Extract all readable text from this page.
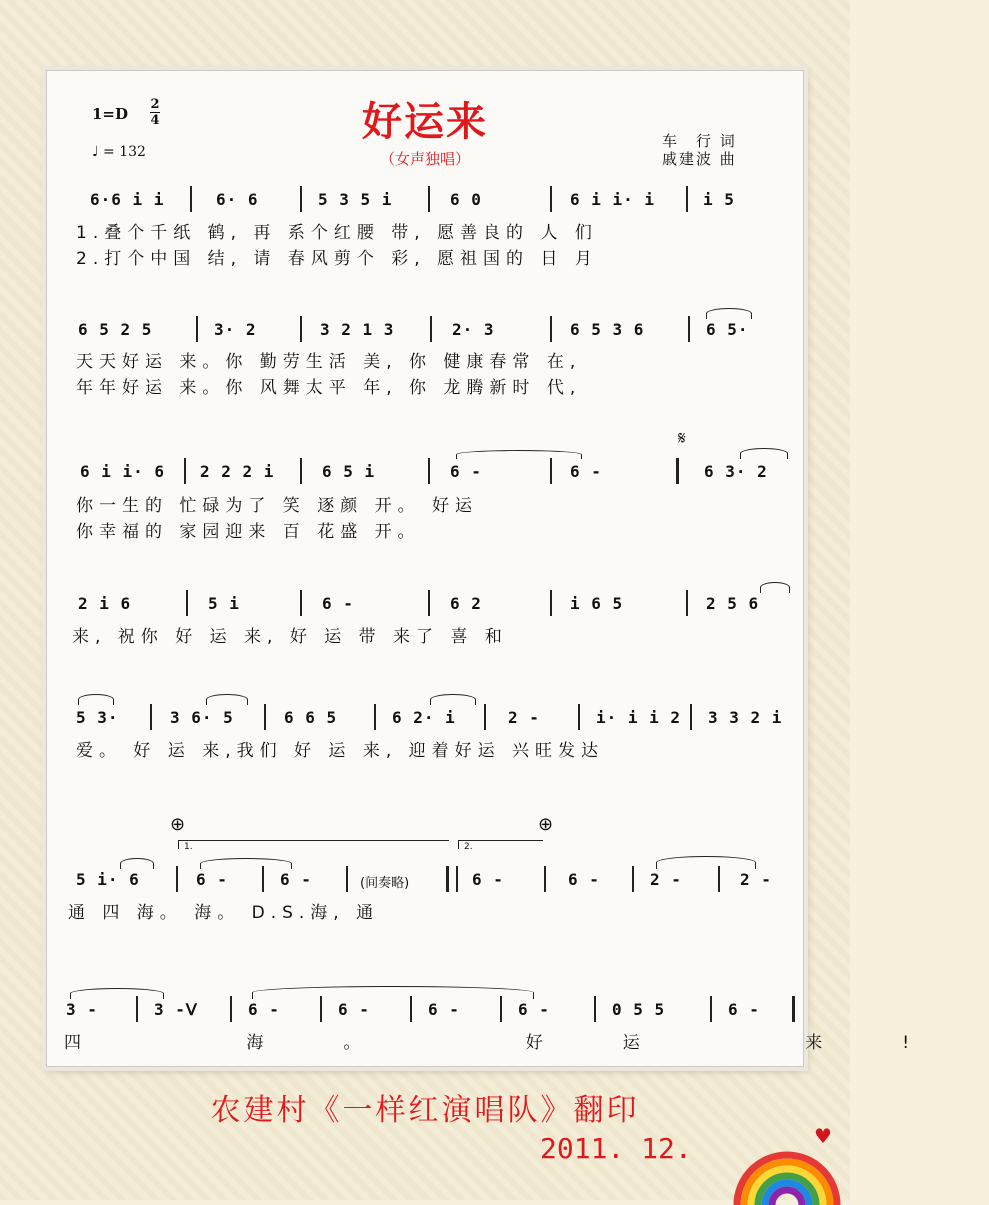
1=D
2
4
♩ = 132
好运来
（女声独唱）
车　行 词
戚建波 曲
6·6 i i	6· 6	5 3 5 i	6 0	6 i i· i	i 5
1.叠个千纸 鹤, 再 系个红腰 带, 愿善良的 人 们
2.打个中国 结, 请 春风剪个 彩, 愿祖国的 日 月
6 5 2 5	3· 2	3 2 1 3	2· 3	6 5 3 6	6 5·
天天好运 来。你 勤劳生活 美, 你 健康春常 在,
年年好运 来。你 风舞太平 年, 你 龙腾新时 代,
𝄋
6 i i· 6 2 2 2 i	6 5 i	6 -	6 -	6 3· 2
你一生的 忙碌为了 笑 逐颜 开。 好运
你幸福的 家园迎来 百 花盛 开。
2 i 6	5 i	6 -	6 2	i 6 5	2 5 6
来, 祝你 好 运 来, 好 运 带 来了 喜 和
5 3·	3 6· 5	6 6 5	6 2· i	2 -	i· i i 2 3 3 2 i
爱。 好 运 来,我们 好 运 来, 迎着好运 兴旺发达
⊕	⊕
1.	2.
5 i· 6	6 -	6 -	(间奏略)	6 -	6 -	2 -	2 -
通 四 海。 海。 D.S.海, 通
3 -	3 -ᐯ	6 -	6 -	6 -	6 -	0 5 5	6 -
四 海。 好运 来!
农建村《一样红演唱队》翻印
2011. 12.	♥
